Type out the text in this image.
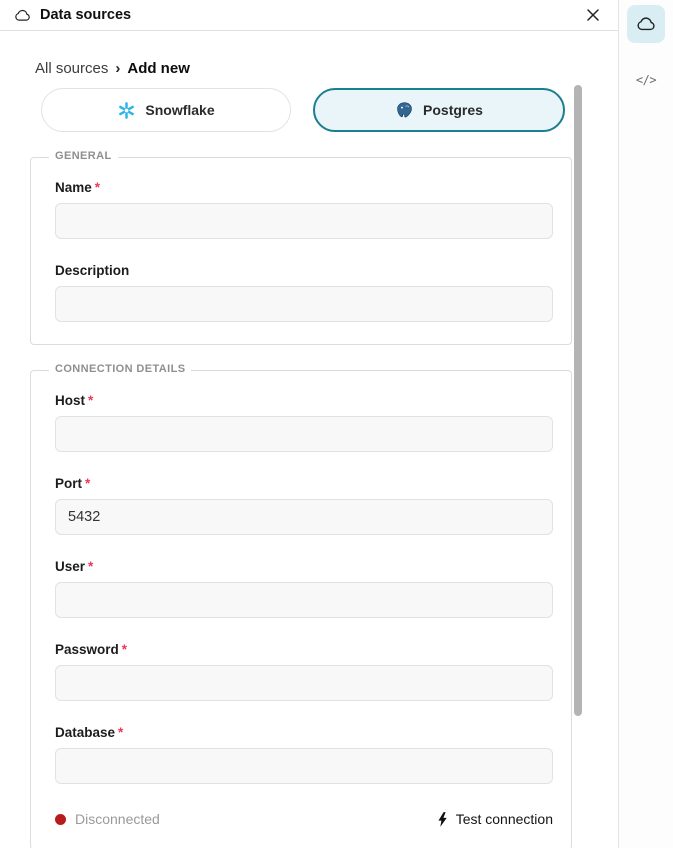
Data sources
All sources › Add new
Snowflake	Postgres
GENERAL
Name *
Description
CONNECTION DETAILS
Host *
Port *
5432
User *
Password *
Database *
Disconnected	Test connection
</>
